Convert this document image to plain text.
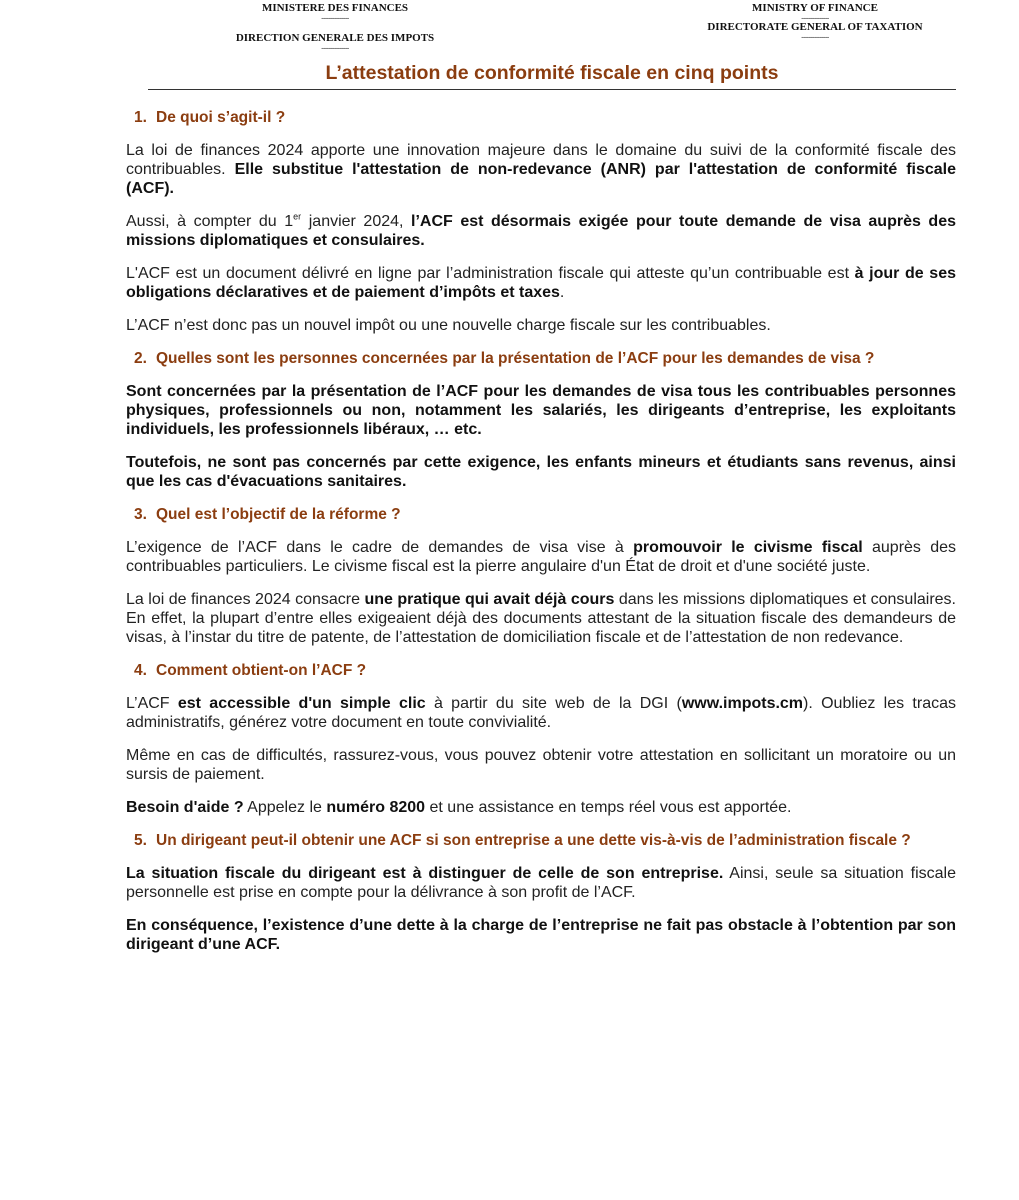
MINISTERE DES FINANCES
---------------
DIRECTION GENERALE DES IMPOTS
---------------
MINISTRY OF FINANCE
---------------
DIRECTORATE GENERAL OF TAXATION
---------------
L’attestation de conformité fiscale en cinq points
1. De quoi s’agit-il ?

La loi de finances 2024 apporte une innovation majeure dans le domaine du suivi de la conformité fiscale des contribuables. Elle substitue l'attestation de non-redevance (ANR) par l'attestation de conformité fiscale (ACF).

Aussi, à compter du 1er janvier 2024, l’ACF est désormais exigée pour toute demande de visa auprès des missions diplomatiques et consulaires.

L'ACF est un document délivré en ligne par l’administration fiscale qui atteste qu’un contribuable est à jour de ses obligations déclaratives et de paiement d’impôts et taxes.

L’ACF n’est donc pas un nouvel impôt ou une nouvelle charge fiscale sur les contribuables.

2. Quelles sont les personnes concernées par la présentation de l’ACF pour les demandes de visa ?

Sont concernées par la présentation de l’ACF pour les demandes de visa tous les contribuables personnes physiques, professionnels ou non, notamment les salariés, les dirigeants d’entreprise, les exploitants individuels, les professionnels libéraux, … etc.

Toutefois, ne sont pas concernés par cette exigence, les enfants mineurs et étudiants sans revenus, ainsi que les cas d'évacuations sanitaires.

3. Quel est l’objectif de la réforme ?

L’exigence de l’ACF dans le cadre de demandes de visa vise à promouvoir le civisme fiscal auprès des contribuables particuliers. Le civisme fiscal est la pierre angulaire d'un État de droit et d'une société juste.

La loi de finances 2024 consacre une pratique qui avait déjà cours dans les missions diplomatiques et consulaires. En effet, la plupart d’entre elles exigeaient déjà des documents attestant de la situation fiscale des demandeurs de visas, à l’instar du titre de patente, de l’attestation de domiciliation fiscale et de l’attestation de non redevance.

4. Comment obtient-on l’ACF ?

L’ACF est accessible d'un simple clic à partir du site web de la DGI (www.impots.cm). Oubliez les tracas administratifs, générez votre document en toute convivialité.

Même en cas de difficultés, rassurez-vous, vous pouvez obtenir votre attestation en sollicitant un moratoire ou un sursis de paiement.

Besoin d'aide ? Appelez le numéro 8200 et une assistance en temps réel vous est apportée.

5. Un dirigeant peut-il obtenir une ACF si son entreprise a une dette vis-à-vis de l’administration fiscale ?

La situation fiscale du dirigeant est à distinguer de celle de son entreprise. Ainsi, seule sa situation fiscale personnelle est prise en compte pour la délivrance à son profit de l’ACF.

En conséquence, l’existence d’une dette à la charge de l’entreprise ne fait pas obstacle à l’obtention par son dirigeant d’une ACF.
